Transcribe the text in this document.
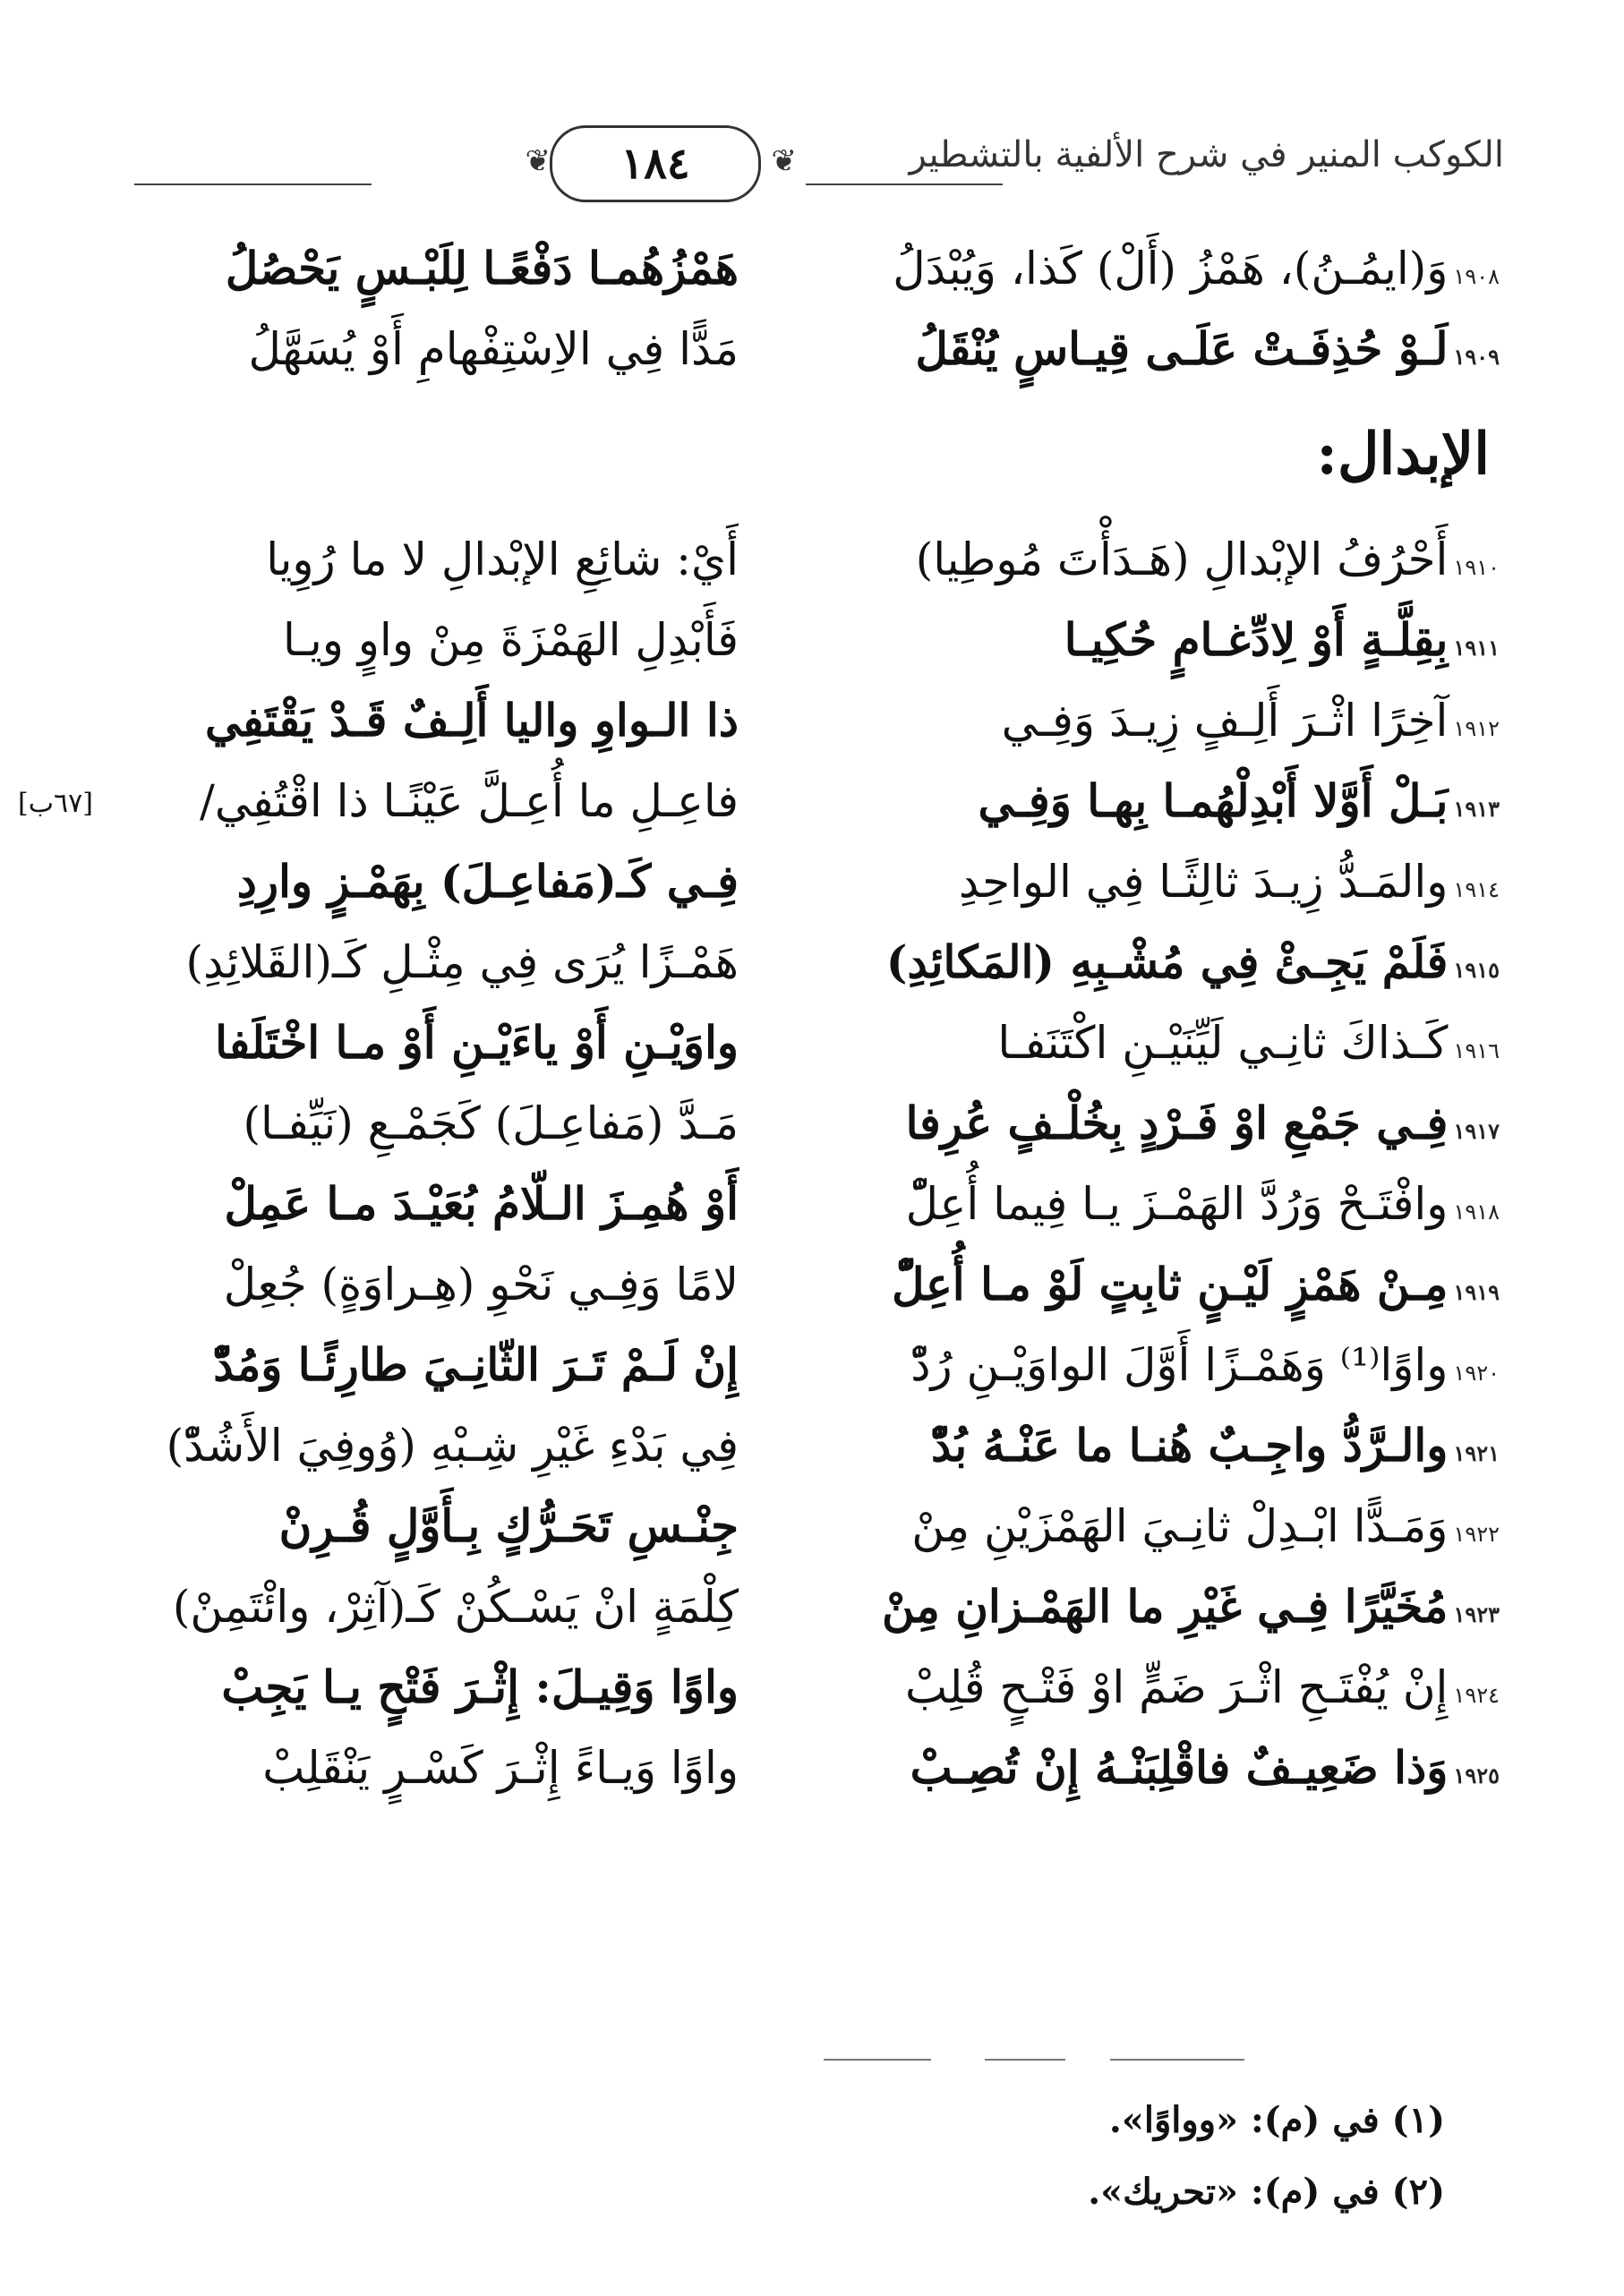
الكوكب المنير في شرح الألفية بالتشطير
❦ ١٨٤	❦
١٩٠٨وَ(ايمُـنُ)، هَمْزُ (أَلْ) كَذا، وَيُبْدَلُ
هَمْزُهُمـا دَفْعًـا لِلَبْـسٍ يَحْصُلُ
١٩٠٩لَـوْ حُذِفَـتْ عَلَـى قِيـاسٍ يُنْقَلُ
مَدًّا فِي الاِسْتِفْهامِ أَوْ يُسَهَّلُ
الإبدال:
[٦٧ب]
١٩١٠أَحْرُفُ الإبْدالِ (هَـدَأْتَ مُوطِيا)
أَيْ: شائِعِ الإبْدالِ لا ما رُوِيا
١٩١١بِقِلَّـةٍ أَوْ لِادِّغـامٍ حُكِيـا
فَأَبْدِلِ الهَمْزَةَ مِنْ واوٍ ويـا
١٩١٢آخِرًا اثْـرَ أَلِـفٍ زِيـدَ وَفِـي
ذا الـواوِ واليا أَلِـفٌ قَـدْ يَقْتَفِي
١٩١٣بَـلْ أَوَّلا أَبْدِلْهُمـا بِهـا وَفِـي
فاعِـلِ ما أُعِـلَّ عَيْنًـا ذا اقْتُفِي/
١٩١٤والمَـدُّ زِيـدَ ثالِثًـا فِي الواحِدِ
فِـي كَـ(مَفاعِـلَ) بِهَمْـزٍ وارِدِ
١٩١٥فَلَمْ يَجِـئْ فِي مُشْـبِهِ (المَكائِدِ)
هَمْـزًا يُرَى فِي مِثْـلِ كَـ(القَلائِدِ)
١٩١٦كَـذاكَ ثانِـي لَيِّنَيْـنِ اكْتَنَفـا
واوَيْـنِ أَوْ ياءَيْـنِ أَوْ مـا اخْتَلَفا
١٩١٧فِـي جَمْعِ اوْ فَـرْدٍ بِخُلْـفٍ عُرِفا
مَـدَّ (مَفاعِـلَ) كَجَمْـعِ (نَيِّفـا)
١٩١٨وافْتَـحْ وَرُدَّ الهَمْـزَ يـا فِيما أُعِلّْ
أَوْ هُمِـزَ الـلّامُ بُعَيْـدَ مـا عَمِلْ
١٩١٩مِـنْ هَمْزٍ لَيْـنٍ ثابِتٍ لَوْ مـا أُعِلّْ
لامًا وَفِـي نَحْوِ (هِـراوَةٍ) جُعِلْ
١٩٢٠واوًا⁽¹⁾ وَهَمْـزًا أَوَّلَ الواوَيْـنِ رُدّْ
إِنْ لَـمْ تَـرَ الثّانِـيَ طارِئًـا وَمُدّْ
١٩٢١والـرَّدُّ واجِـبٌ هُنـا ما عَنْـهُ بُدّْ
فِي بَدْءِ غَيْرِ شِـبْهِ (وُوفِيَ الأَشُدّْ)
١٩٢٢وَمَـدًّا ابْـدِلْ ثانِـيَ الهَمْزَيْنِ مِنْ
جِنْـسِ تَحَـرُّكٍ بِـأَوَّلٍ قُـرِنْ
١٩٢٣مُخَيَّرًا فِـي غَيْرِ ما الهَمْـزانِ مِنْ
كِلْمَةٍ انْ يَسْـكُنْ كَـ(آثِرْ، وائْتَمِنْ)
١٩٢٤إِنْ يُفْتَـحِ اثْـرَ ضَمٍّ اوْ فَتْـحٍ قُلِبْ
واوًا وَقِيـلَ: إِثْـرَ فَتْحٍ يـا يَجِبْ
١٩٢٥وَذا ضَعِيـفٌ فاقْلِبَنْـهُ إِنْ تُصِـبْ
واوًا وَيـاءً إِثْـرَ كَسْـرٍ يَنْقَلِبْ
(١) في (م): «وواوًا».
(٢) في (م): «تحريك».
